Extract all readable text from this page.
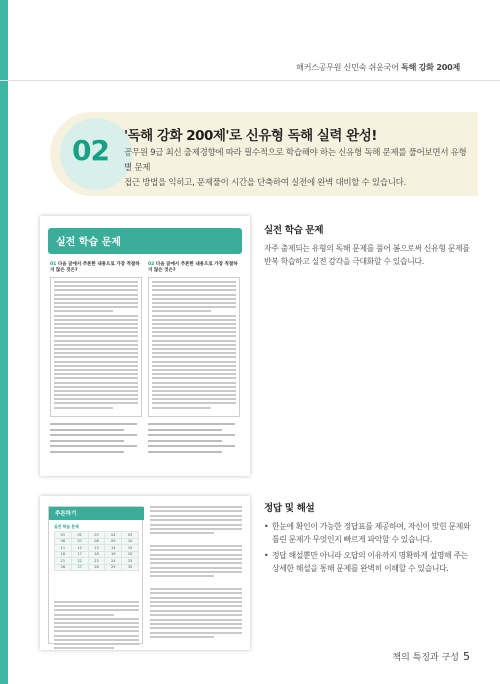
해커스공무원 신민숙 쉬운국어 독해 강화 200제
02 '독해 강화 200제'로 신유형 독해 실력 완성!
공무원 9급 최신 출제경향에 따라 필수적으로 학습해야 하는 신유형 독해 문제를 풀어보면서 유형별 문제
접근 방법을 익히고, 문제풀이 시간을 단축하여 실전에 완벽 대비할 수 있습니다.
실전 학습 문제
01 다음 글에서 추론한 내용으로 가장 적절하지 않은 것은?
02 다음 글에서 추론한 내용으로 가장 적절하지 않은 것은?
추론하기
실전 학습 문제
01	02	03	04	05
06	07	08	09	10
11	12	13	14	15
16	17	18	19	20
21	22	23	24	25
26	27	28	29	30
실전 학습 문제
자주 출제되는 유형의 독해 문제를 풀어 봄으로써 신유형 문제를 반복 학습하고 실전 감각을 극대화할 수 있습니다.
정답 및 해설
• 한눈에 확인이 가능한 정답표를 제공하여, 자신이 맞힌 문제와 틀린 문제가 무엇인지 빠르게 파악할 수 있습니다.
• 정답 해설뿐만 아니라 오답의 이유까지 명확하게 설명해 주는 상세한 해설을 통해 문제를 완벽히 이해할 수 있습니다.
책의 특징과 구성 5
